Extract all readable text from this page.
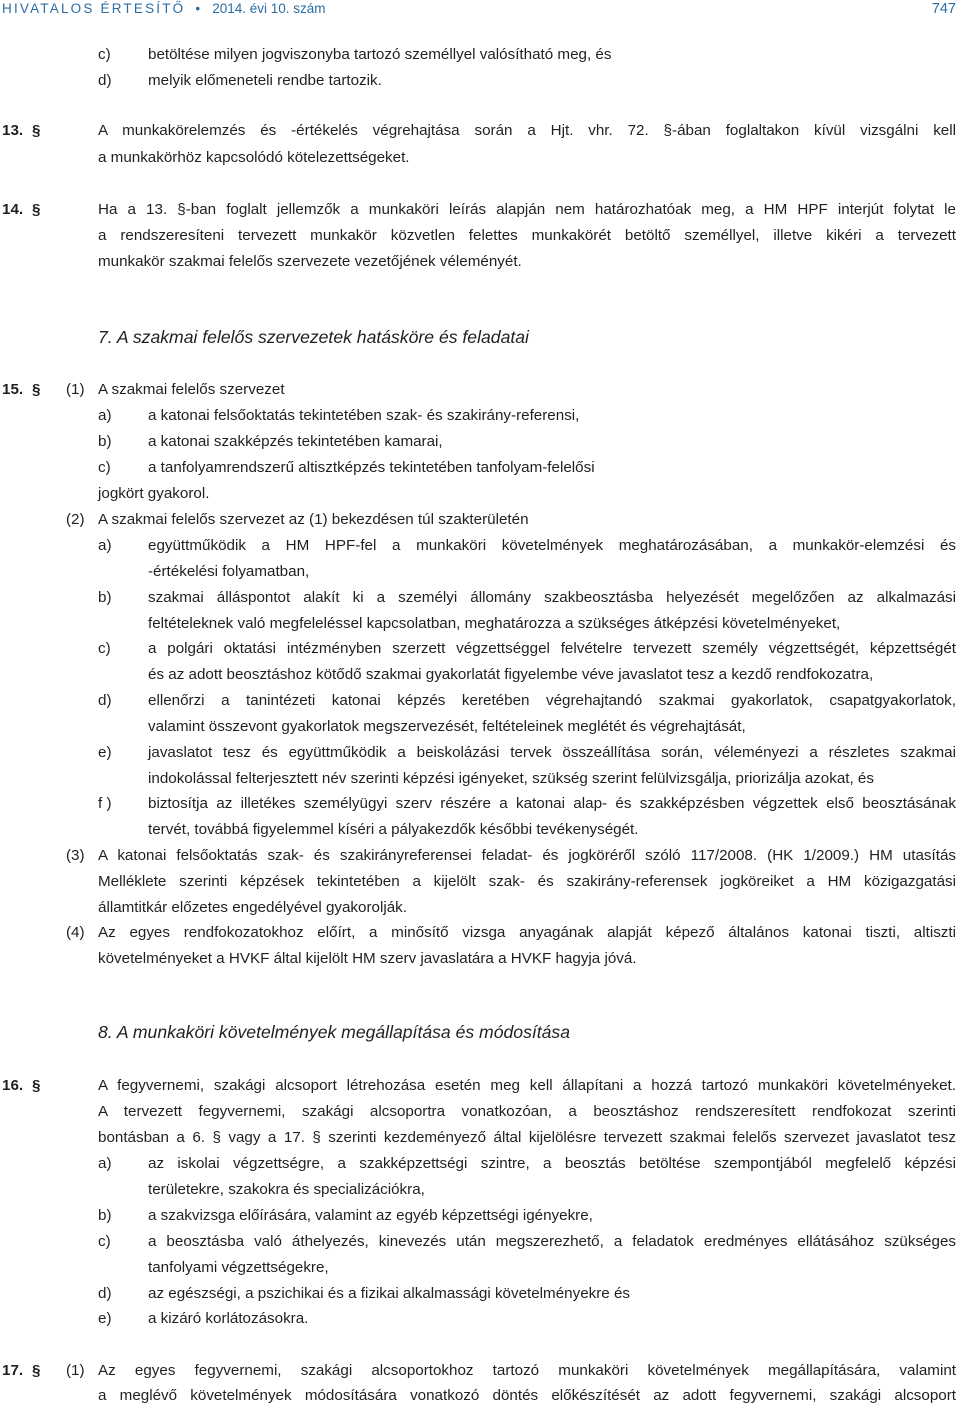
HIVATALOS ÉRTESÍTŐ • 2014. évi 10. szám	747
c) betöltése milyen jogviszonyba tartozó személlyel valósítható meg, és
d) melyik előmeneteli rendbe tartozik.
13. §	A munkakörelemzés és -értékelés végrehajtása során a Hjt. vhr. 72. §-ában foglaltakon kívül vizsgálni kell
a munkakörhöz kapcsolódó kötelezettségeket.
14. §	Ha a 13. §-ban foglalt jellemzők a munkaköri leírás alapján nem határozhatóak meg, a HM HPF interjút folytat le
a rendszeresíteni tervezett munkakör közvetlen felettes munkakörét betöltő személlyel, illetve kikéri a tervezett
munkakör szakmai felelős szervezete vezetőjének véleményét.
7. A szakmai felelős szervezetek hatásköre és feladatai
15. § (1) A szakmai felelős szervezet
a) a katonai felsőoktatás tekintetében szak- és szakirány-referensi,
b) a katonai szakképzés tekintetében kamarai,
c) a tanfolyamrendszerű altisztképzés tekintetében tanfolyam-felelősi
jogkört gyakorol.
(2) A szakmai felelős szervezet az (1) bekezdésen túl szakterületén
a) együttműködik a HM HPF-fel a munkaköri követelmények meghatározásában, a munkakör-elemzési és
-értékelési folyamatban,
b) szakmai álláspontot alakít ki a személyi állomány szakbeosztásba helyezését megelőzően az alkalmazási
feltételeknek való megfeleléssel kapcsolatban, meghatározza a szükséges átképzési követelményeket,
c) a polgári oktatási intézményben szerzett végzettséggel felvételre tervezett személy végzettségét, képzettségét
és az adott beosztáshoz kötődő szakmai gyakorlatát figyelembe véve javaslatot tesz a kezdő rendfokozatra,
d) ellenőrzi a tanintézeti katonai képzés keretében végrehajtandó szakmai gyakorlatok, csapatgyakorlatok,
valamint összevont gyakorlatok megszervezését, feltételeinek meglétét és végrehajtását,
e) javaslatot tesz és együttműködik a beiskolázási tervek összeállítása során, véleményezi a részletes szakmai
indokolással felterjesztett név szerinti képzési igényeket, szükség szerint felülvizsgálja, priorizálja azokat, és
f ) biztosítja az illetékes személyügyi szerv részére a katonai alap- és szakképzésben végzettek első beosztásának
tervét, továbbá figyelemmel kíséri a pályakezdők későbbi tevékenységét.
(3) A katonai felsőoktatás szak- és szakirányreferensei feladat- és jogköréről szóló 117/2008. (HK 1/2009.) HM utasítás
Melléklete szerinti képzések tekintetében a kijelölt szak- és szakirány-referensek jogköreiket a HM közigazgatási
államtitkár előzetes engedélyével gyakorolják.
(4) Az egyes rendfokozatokhoz előírt, a minősítő vizsga anyagának alapját képező általános katonai tiszti, altiszti
követelményeket a HVKF által kijelölt HM szerv javaslatára a HVKF hagyja jóvá.
8. A munkaköri követelmények megállapítása és módosítása
16. §	A fegyvernemi, szakági alcsoport létrehozása esetén meg kell állapítani a hozzá tartozó munkaköri követelményeket.
A tervezett fegyvernemi, szakági alcsoportra vonatkozóan, a beosztáshoz rendszeresített rendfokozat szerinti
bontásban a 6. § vagy a 17. § szerinti kezdeményező által kijelölésre tervezett szakmai felelős szervezet javaslatot tesz
a) az iskolai végzettségre, a szakképzettségi szintre, a beosztás betöltése szempontjából megfelelő képzési
területekre, szakokra és specializációkra,
b) a szakvizsga előírására, valamint az egyéb képzettségi igényekre,
c) a beosztásba való áthelyezés, kinevezés után megszerezhető, a feladatok eredményes ellátásához szükséges
tanfolyami végzettségekre,
d) az egészségi, a pszichikai és a fizikai alkalmassági követelményekre és
e) a kizáró korlátozásokra.
17. § (1) Az egyes fegyvernemi, szakági alcsoportokhoz tartozó munkaköri követelmények megállapítására, valamint
a meglévő követelmények módosítására vonatkozó döntés előkészítését az adott fegyvernemi, szakági alcsoport
